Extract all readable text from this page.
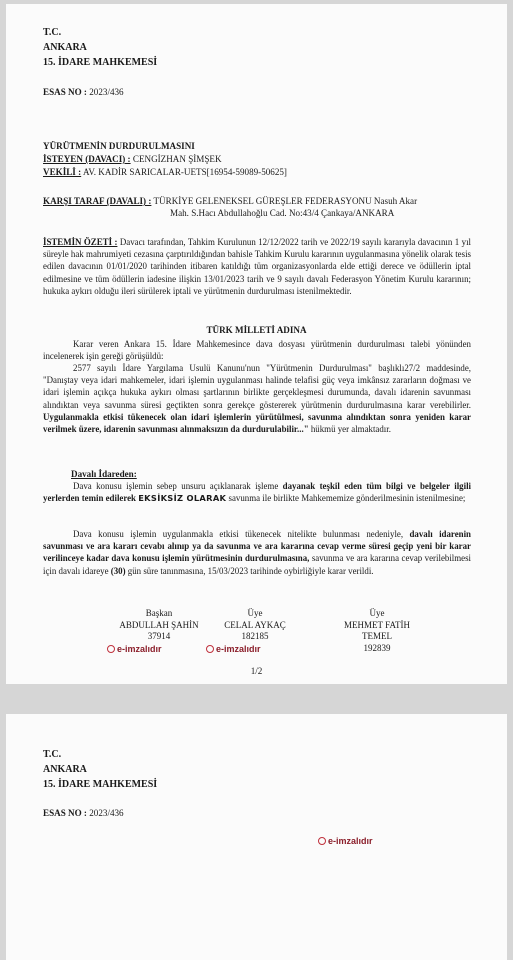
T.C.
ANKARA
15. İDARE MAHKEMESİ
ESAS NO : 2023/436
YÜRÜTMENİN DURDURULMASINI
İSTEYEN (DAVACI) : CENGİZHAN ŞİMŞEK
VEKİLİ : AV. KADİR SARICALAR-UETS[16954-59089-50625]
KARŞI TARAF (DAVALI) : TÜRKİYE GELENEKSEL GÜREŞLER FEDERASYONU Nasuh Akar
Mah. S.Hacı Abdullahoğlu Cad. No:43/4 Çankaya/ANKARA
İSTEMİN ÖZETİ : Davacı tarafından, Tahkim Kurulunun 12/12/2022 tarih ve 2022/19 sayılı kararıyla davacının 1 yıl süreyle hak mahrumiyeti cezasına çarptırıldığından bahisle Tahkim Kurulu kararının uygulanmasına yönelik olarak tesis edilen davacının 01/01/2020 tarihinden itibaren katıldığı tüm organizasyonlarda elde ettiği derece ve ödüllerin iptal edilmesine ve tüm ödüllerin iadesine ilişkin 13/01/2023 tarih ve 9 sayılı davalı Federasyon Yönetim Kurulu kararının; hukuka aykırı olduğu ileri sürülerek iptali ve yürütmenin durdurulması istenilmektedir.
TÜRK MİLLETİ ADINA
Karar veren Ankara 15. İdare Mahkemesince dava dosyası yürütmenin durdurulması talebi yönünden incelenerek işin gereği görüşüldü:
2577 sayılı İdare Yargılama Usulü Kanunu'nun "Yürütmenin Durdurulması" başlıklı27/2 maddesinde, "Danıştay veya idari mahkemeler, idari işlemin uygulanması halinde telafisi güç veya imkânsız zararların doğması ve idari işlemin açıkça hukuka aykırı olması şartlarının birlikte gerçekleşmesi durumunda, davalı idarenin savunması alındıktan veya savunma süresi geçtikten sonra gerekçe göstererek yürütmenin durdurulmasına karar verebilirler. Uygulanmakla etkisi tükenecek olan idari işlemlerin yürütülmesi, savunma alındıktan sonra yeniden karar verilmek üzere, idarenin savunması alınmaksızın da durdurulabilir..." hükmü yer almaktadır.
Davalı İdareden:
Dava konusu işlemin sebep unsuru açıklanarak işleme dayanak teşkil eden tüm bilgi ve belgeler ilgili yerlerden temin edilerek EKSİKSİZ OLARAK savunma ile birlikte Mahkememize gönderilmesinin istenilmesine;
Dava konusu işlemin uygulanmakla etkisi tükenecek nitelikte bulunması nedeniyle, davalı idarenin savunması ve ara kararı cevabı alınıp ya da savunma ve ara kararına cevap verme süresi geçip yeni bir karar verilinceye kadar dava konusu işlemin yürütmesinin durdurulmasına, savunma ve ara kararına cevap verilebilmesi için davalı idareye (30) gün süre tanınmasına, 15/03/2023 tarihinde oybirliğiyle karar verildi.
Başkan
ABDULLAH ŞAHİN
37914
e-imzalıdır
Üye
CELAL AYKAÇ
182185
e-imzalıdır
Üye
MEHMET FATİH
TEMEL
192839
1/2
T.C.
ANKARA
15. İDARE MAHKEMESİ
ESAS NO : 2023/436
e-imzalıdır
